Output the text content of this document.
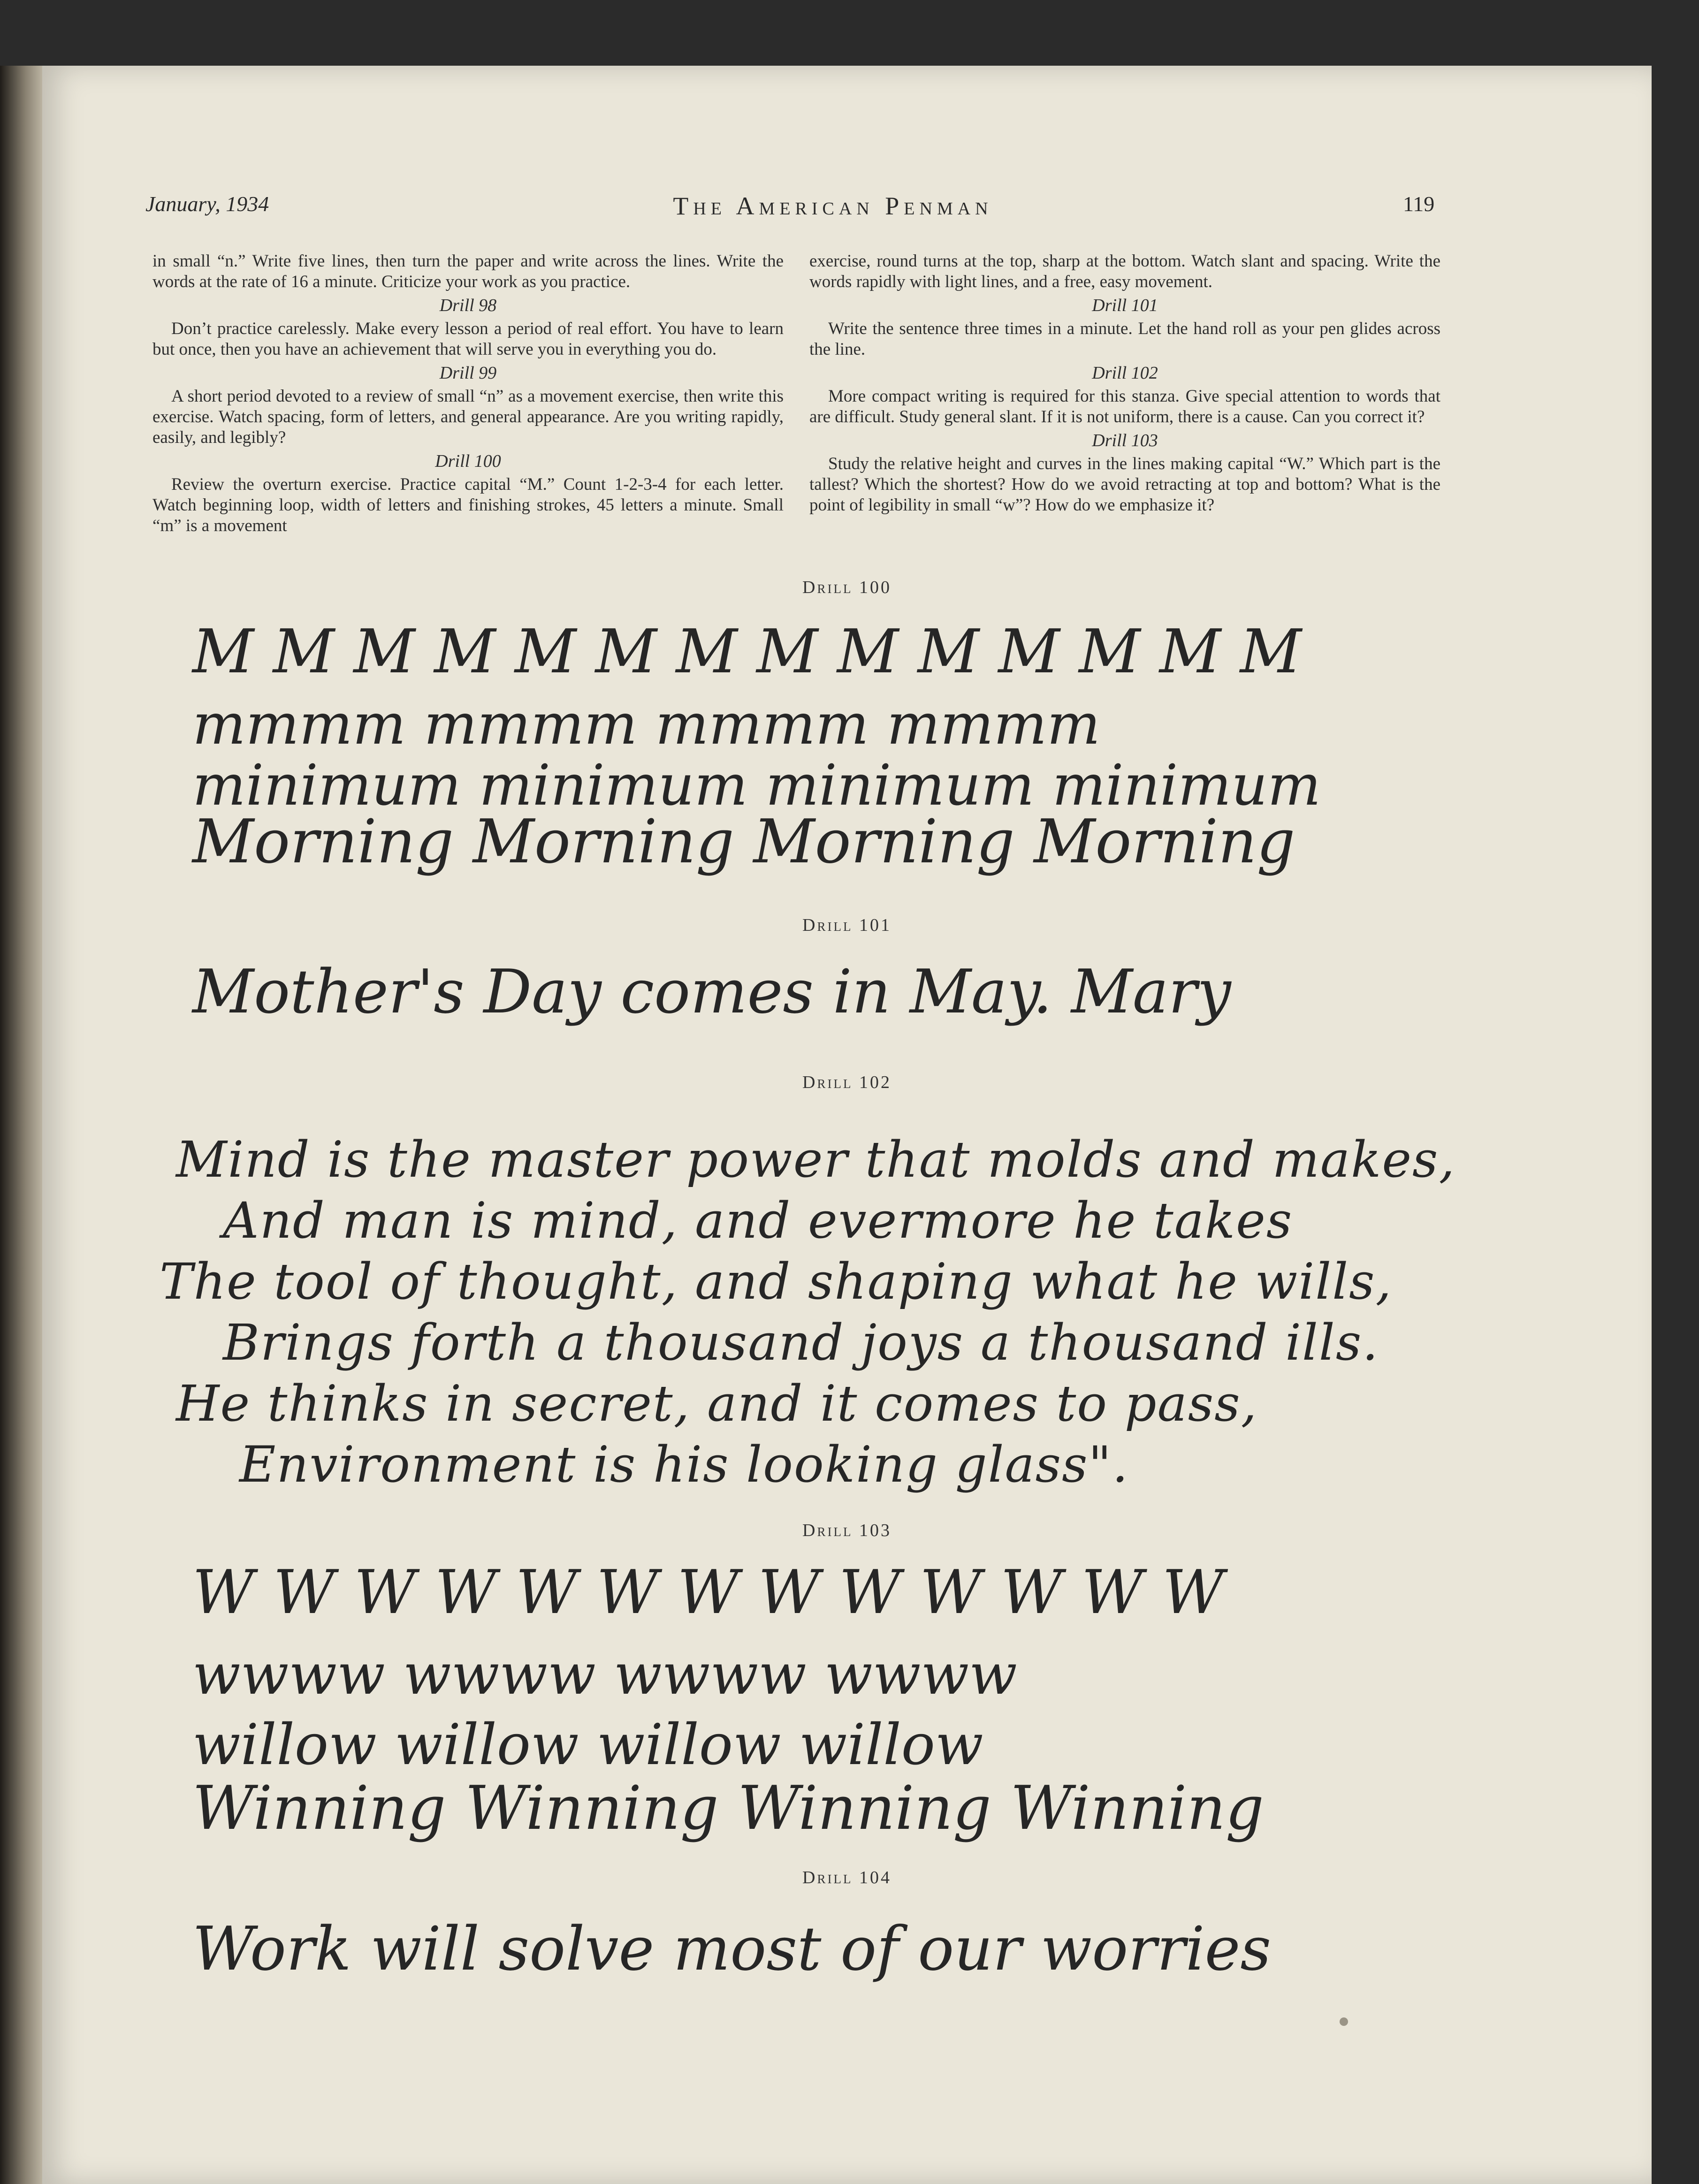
January, 1934	The American Penman	119

in small “n.” Write five lines, then turn the paper and write across the lines. Write the words at the rate of 16 a minute. Criticize your work as you practice.

Drill 98

Don’t practice carelessly. Make every lesson a period of real effort. You have to learn but once, then you have an achievement that will serve you in everything you do.

Drill 99

A short period devoted to a review of small “n” as a movement exercise, then write this exercise. Watch spacing, form of letters, and general appearance. Are you writing rapidly, easily, and legibly?

Drill 100

Review the overturn exercise. Practice capital “M.” Count 1-2-3-4 for each letter. Watch beginning loop, width of letters and finishing strokes, 45 letters a minute. Small “m” is a movement

exercise, round turns at the top, sharp at the bottom. Watch slant and spacing. Write the words rapidly with light lines, and a free, easy movement.

Drill 101

Write the sentence three times in a minute. Let the hand roll as your pen glides across the line.

Drill 102

More compact writing is required for this stanza. Give special attention to words that are difficult. Study general slant. If it is not uniform, there is a cause. Can you correct it?

Drill 103

Study the relative height and curves in the lines making capital “W.” Which part is the tallest? Which the shortest? How do we avoid retracting at top and bottom? What is the point of legibility in small “w”? How do we emphasize it?

Drill 100
M M M M M M M M M M M M M M
mmmm mmmm mmmm mmmm
minimum minimum minimum minimum
Morning Morning Morning Morning
Drill 101
Mother's Day comes in May. Mary
Drill 102
Mind is the master power that molds and makes,
And man is mind, and evermore he takes
The tool of thought, and shaping what he wills,
Brings forth a thousand joys a thousand ills.
He thinks in secret, and it comes to pass,
Environment is his looking glass".
Drill 103
W W W W W W W W W W W W W
wwww wwww wwww wwww
willow willow willow willow
Winning Winning Winning Winning
Drill 104
Work will solve most of our worries
